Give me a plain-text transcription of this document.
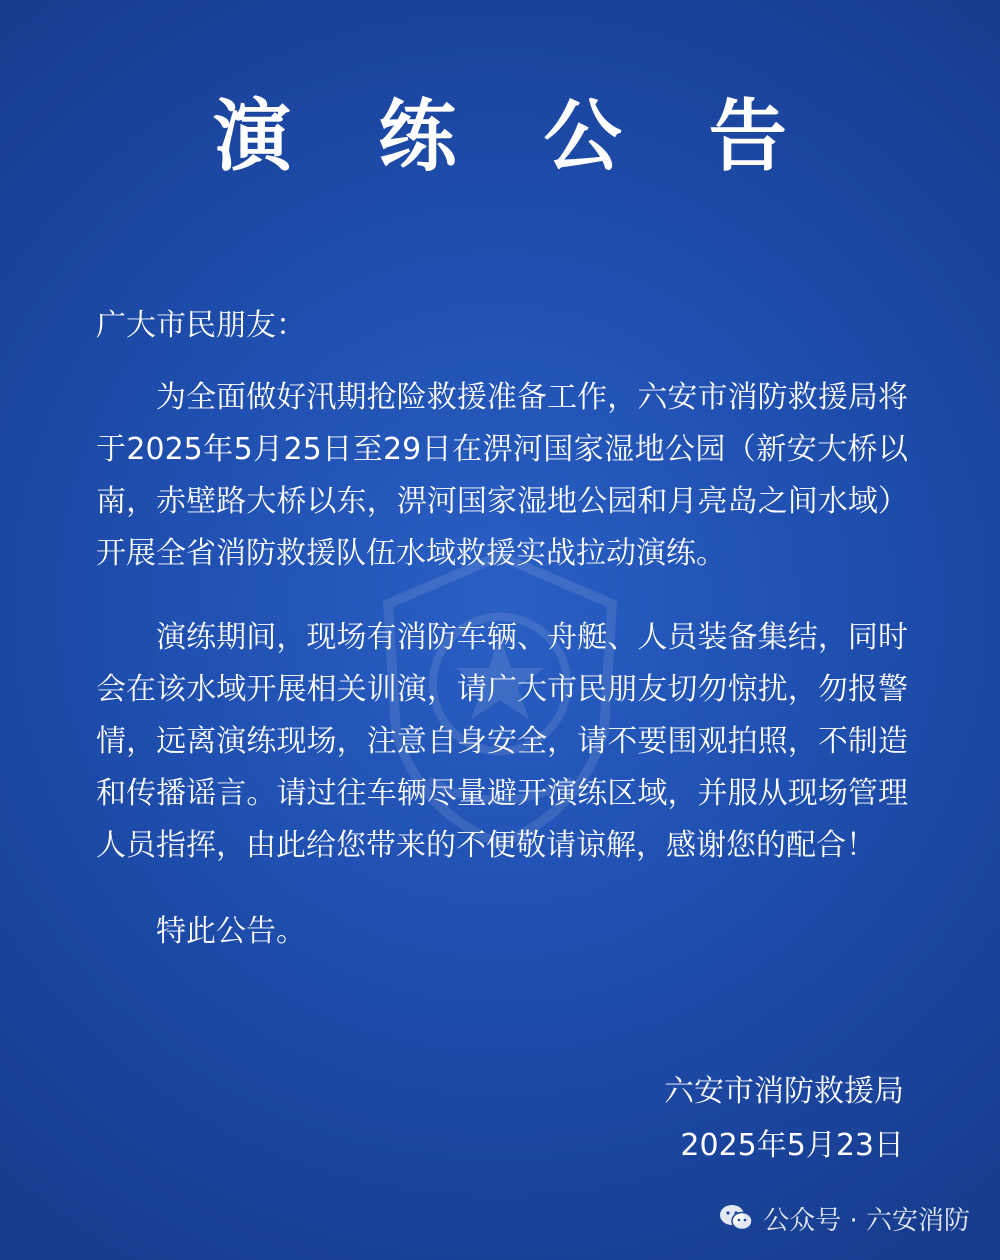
演 练 公 告
广大市民朋友：

为全面做好汛期抢险救援准备工作，六安市消防救援局将于2025年5月25日至29日在淠河国家湿地公园（新安大桥以南，赤壁路大桥以东，淠河国家湿地公园和月亮岛之间水域）开展全省消防救援队伍水域救援实战拉动演练。

演练期间，现场有消防车辆、舟艇、人员装备集结，同时会在该水域开展相关训演，请广大市民朋友切勿惊扰，勿报警情，远离演练现场，注意自身安全，请不要围观拍照，不制造和传播谣言。请过往车辆尽量避开演练区域，并服从现场管理人员指挥，由此给您带来的不便敬请谅解，感谢您的配合！

特此公告。

六安市消防救援局
2025年5月23日
公众号 · 六安消防
